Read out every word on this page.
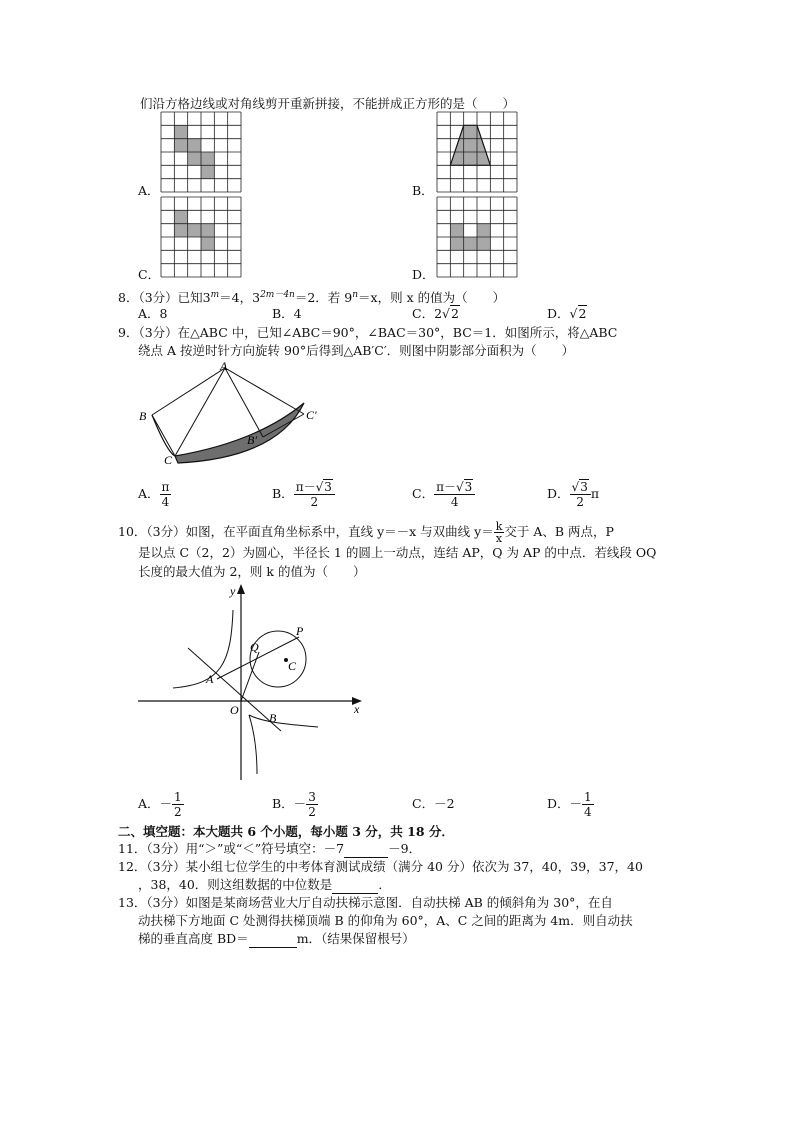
们沿方格边线或对角线剪开重新拼接，不能拼成正方形的是（　　）
A．	B．
C．	D．
8．（3分）已知$3^m=4$，$3^{2m-4n}=2$．若 $9^n=x$，则 x 的值为（　　）
A．8	B．4	C．2√2	D．√2
9．（3分）在△ABC 中，已知∠ABC＝90°，∠BAC＝30°，BC＝1．如图所示，将△ABC
绕点 A 按逆时针方向旋转 90°后得到△AB′C′．则图中阴影部分面积为（　　）
A
B
C
C′
B′
A． $\frac{\pi}{4}$	B． $\frac{\pi-√3}{2}$	C． $\frac{\pi-√3}{4}$	D． $\frac{√3}{2}$ π
10．（3分）如图，在平面直角坐标系中，直线 y＝－x 与双曲线 $y= \frac{k}{x}$ 交于 A、B 两点，P
是以点 C（2，2）为圆心，半径长 1 的圆上一动点，连结 AP，Q 为 AP 的中点．若线段 OQ
长度的最大值为 2，则 k 的值为（　　）
y
x
O
A
B
P
Q
C
A．－ $\frac{1}{2}$	B．－ $\frac{3}{2}$	C．－2	D．－ $\frac{1}{4}$
二、填空题：本大题共 6 个小题，每小题 3 分，共 18 分．
11．（3分）用“＞”或“＜”符号填空：－7	－9．
12．（3分）某小组七位学生的中考体育测试成绩（满分 40 分）依次为 37，40，39，37，40
，38，40．则这组数据的中位数是	．
13．（3分）如图是某商场营业大厅自动扶梯示意图．自动扶梯 AB 的倾斜角为 30°，在自
动扶梯下方地面 C 处测得扶梯顶端 B 的仰角为 60°，A、C 之间的距离为 4m．则自动扶
梯的垂直高度 BD＝	m．（结果保留根号）
